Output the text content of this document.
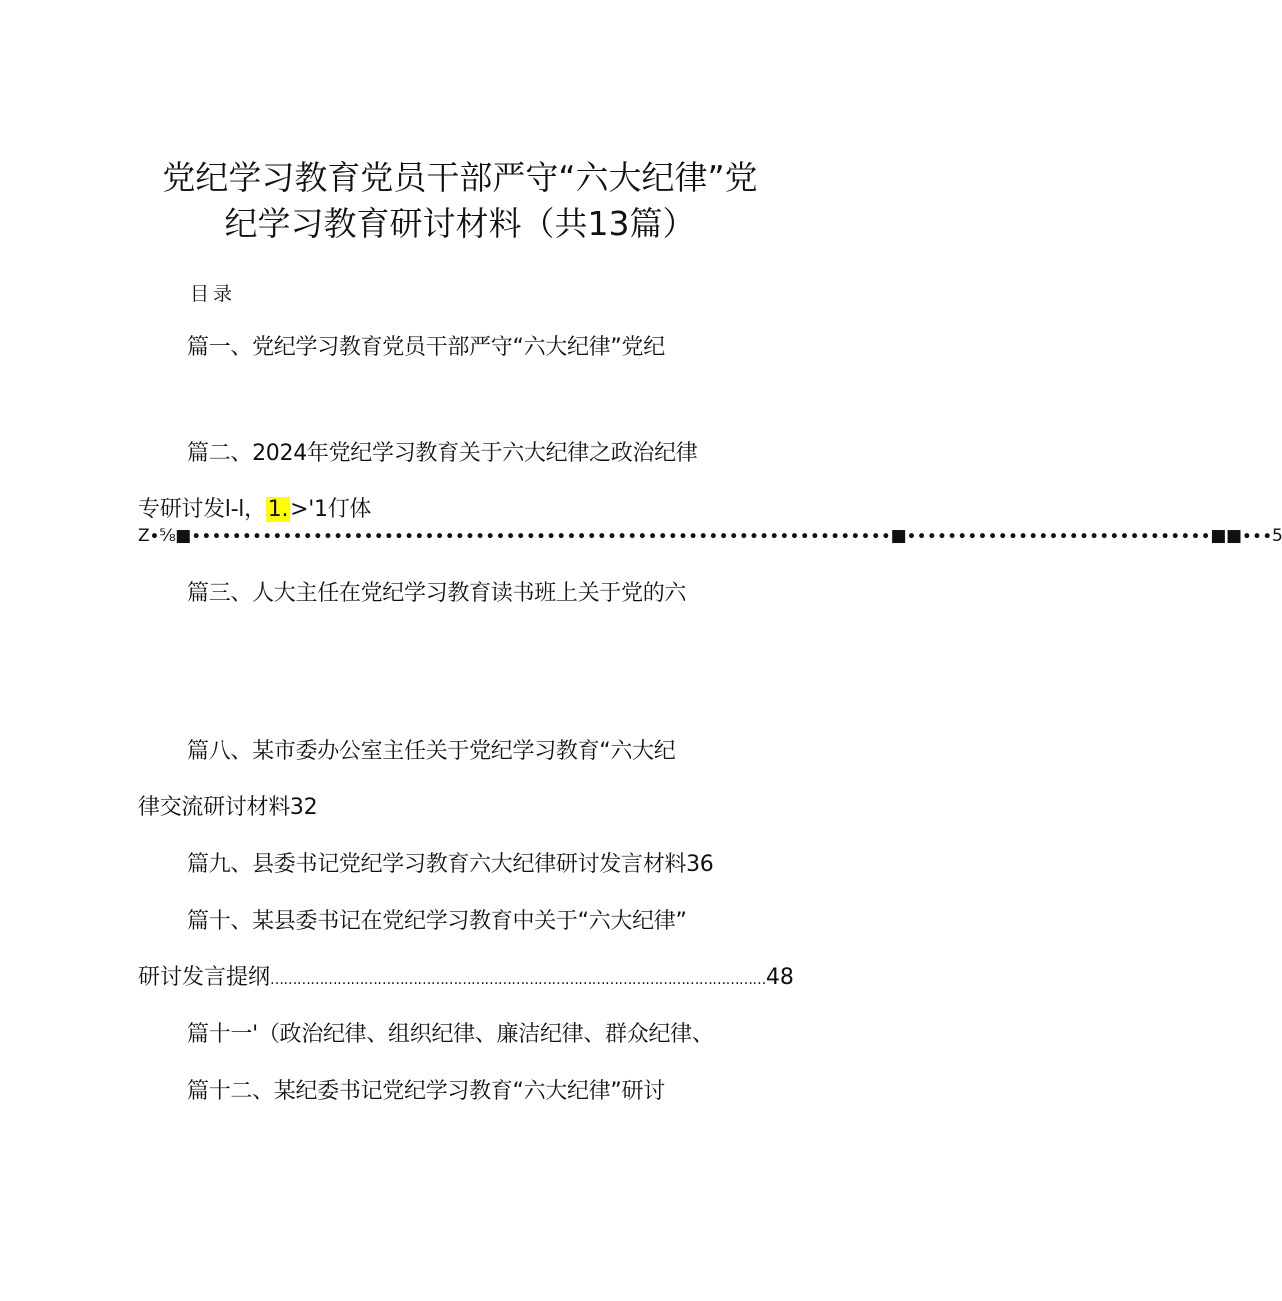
党纪学习教育党员干部严守“六大纪律”党
纪学习教育研讨材料（共13篇）
目录
篇一、党纪学习教育党员干部严守“六大纪律”党纪
篇二、2024年党纪学习教育关于六大纪律之政治纪律
专研讨发l-l，1.>'1仃体
Z∙⅝■∙∙∙∙∙∙∙∙∙∙∙∙∙∙∙∙∙∙∙∙∙∙∙∙∙∙∙∙∙∙∙∙∙∙∙∙∙∙∙∙∙∙∙∙∙∙∙∙∙∙∙∙∙∙∙∙∙∙∙∙∙∙∙∙∙∙∙∙∙■∙∙∙∙∙∙∙∙∙∙∙∙∙∙∙∙∙∙∙∙∙∙∙∙∙∙∙∙∙∙■■∙∙∙5
篇三、人大主任在党纪学习教育读书班上关于党的六
篇八、某市委办公室主任关于党纪学习教育“六大纪
律交流研讨材料32
篇九、县委书记党纪学习教育六大纪律研讨发言材料36
篇十、某县委书记在党纪学习教育中关于“六大纪律”
研讨发言提纲…………………………………………………………………………………………………48
篇十一'（政治纪律、组织纪律、廉洁纪律、群众纪律、
篇十二、某纪委书记党纪学习教育“六大纪律”研讨
